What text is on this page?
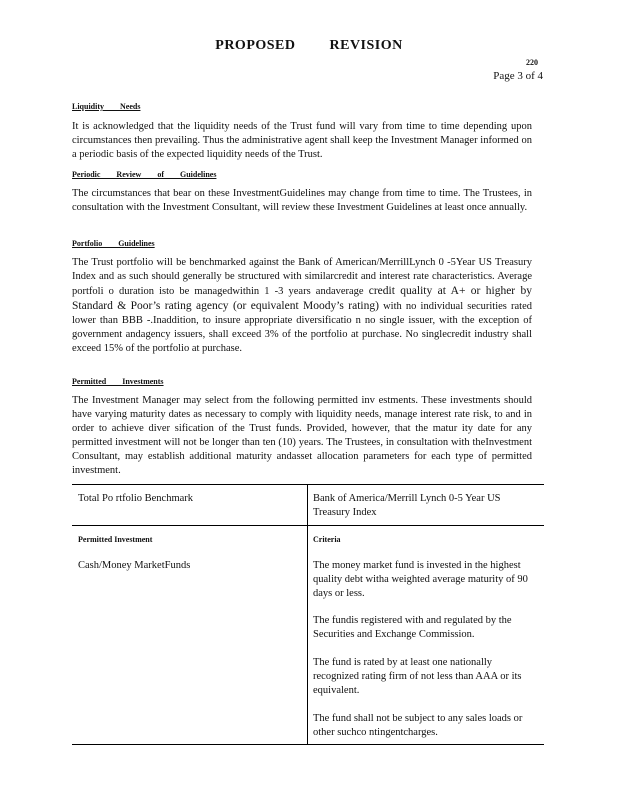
PROPOSED REVISION
220
Page 3 of 4
Liquidity Needs
It is acknowledged that the liquidity needs of the Trust fund will vary from time to time depending upon circumstances then prevailing. Thus the administrative agent shall keep the Investment Manager informed on a periodic basis of the expected liquidity needs of the Trust.
Periodic Review of Guidelines
The circumstances that bear on these InvestmentGuidelines may change from time to time. The Trustees, in consultation with the Investment Consultant, will review these Investment Guidelines at least once annually.
Portfolio Guidelines
The Trust portfolio will be benchmarked against the Bank of American/MerrillLynch 0 -5Year US Treasury Index and as such should generally be structured with similarcredit and interest rate characteristics. Average portfoli o duration isto be managedwithin 1 -3 years andaverage credit quality at A+ or higher by Standard & Poor’s rating agency (or equivalent Moody’s rating) with no individual securities rated lower than BBB -.Inaddition, to insure appropriate diversificatio n no single issuer, with the exception of government andagency issuers, shall exceed 3% of the portfolio at purchase. No singlecredit industry shall exceed 15% of the portfolio at purchase.
Permitted Investments
The Investment Manager may select from the following permitted inv estments. These investments should have varying maturity dates as necessary to comply with liquidity needs, manage interest rate risk, to and in order to achieve diver sification of the Trust funds. Provided, however, that the matur ity date for any permitted investment will not be longer than ten (10) years. The Trustees, in consultation with theInvestment Consultant, may establish additional maturity andasset allocation parameters for each type of permitted investment.
Total Po rtfolio Benchmark	Bank of America/Merrill Lynch 0-5 Year US Treasury Index
Permitted Investment	Criteria
Cash/Money MarketFunds	The money market fund is invested in the highest quality debt witha weighted average maturity of 90 days or less.
The fundis registered with and regulated by the Securities and Exchange Commission.
The fund is rated by at least one nationally recognized rating firm of not less than AAA or its equivalent.
The fund shall not be subject to any sales loads or other suchco ntingentcharges.
